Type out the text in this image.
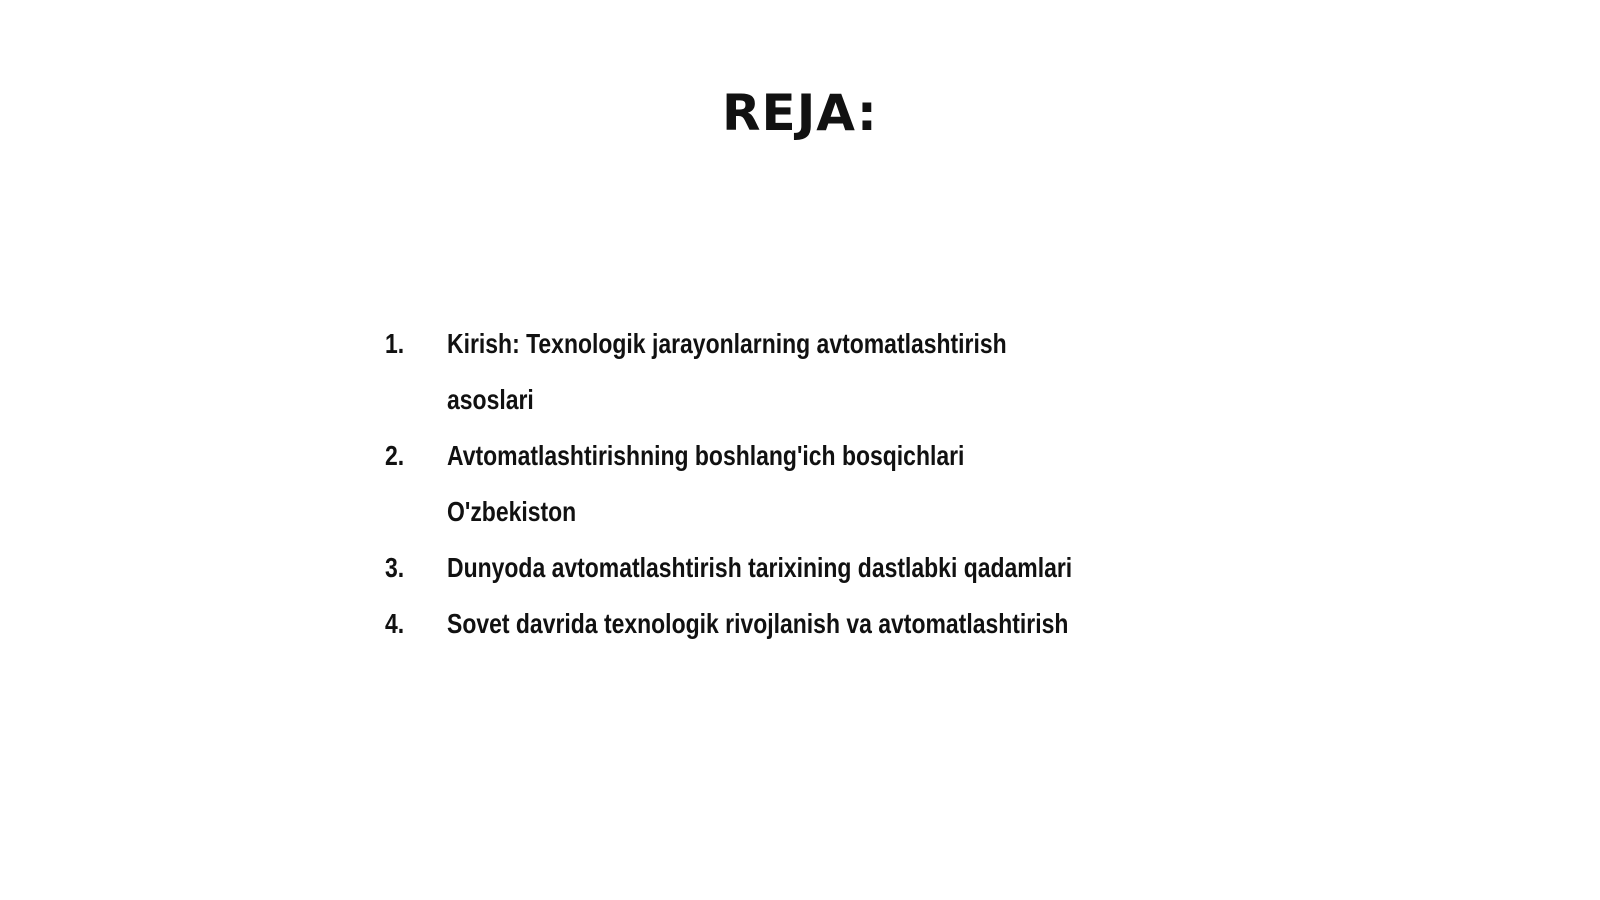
REJA:
1.	Kirish: Texnologik jarayonlarning avtomatlashtirish
asoslari
2.	Avtomatlashtirishning boshlang'ich bosqichlari
O'zbekiston
3.	Dunyoda avtomatlashtirish tarixining dastlabki qadamlari
4.	Sovet davrida texnologik rivojlanish va avtomatlashtirish
